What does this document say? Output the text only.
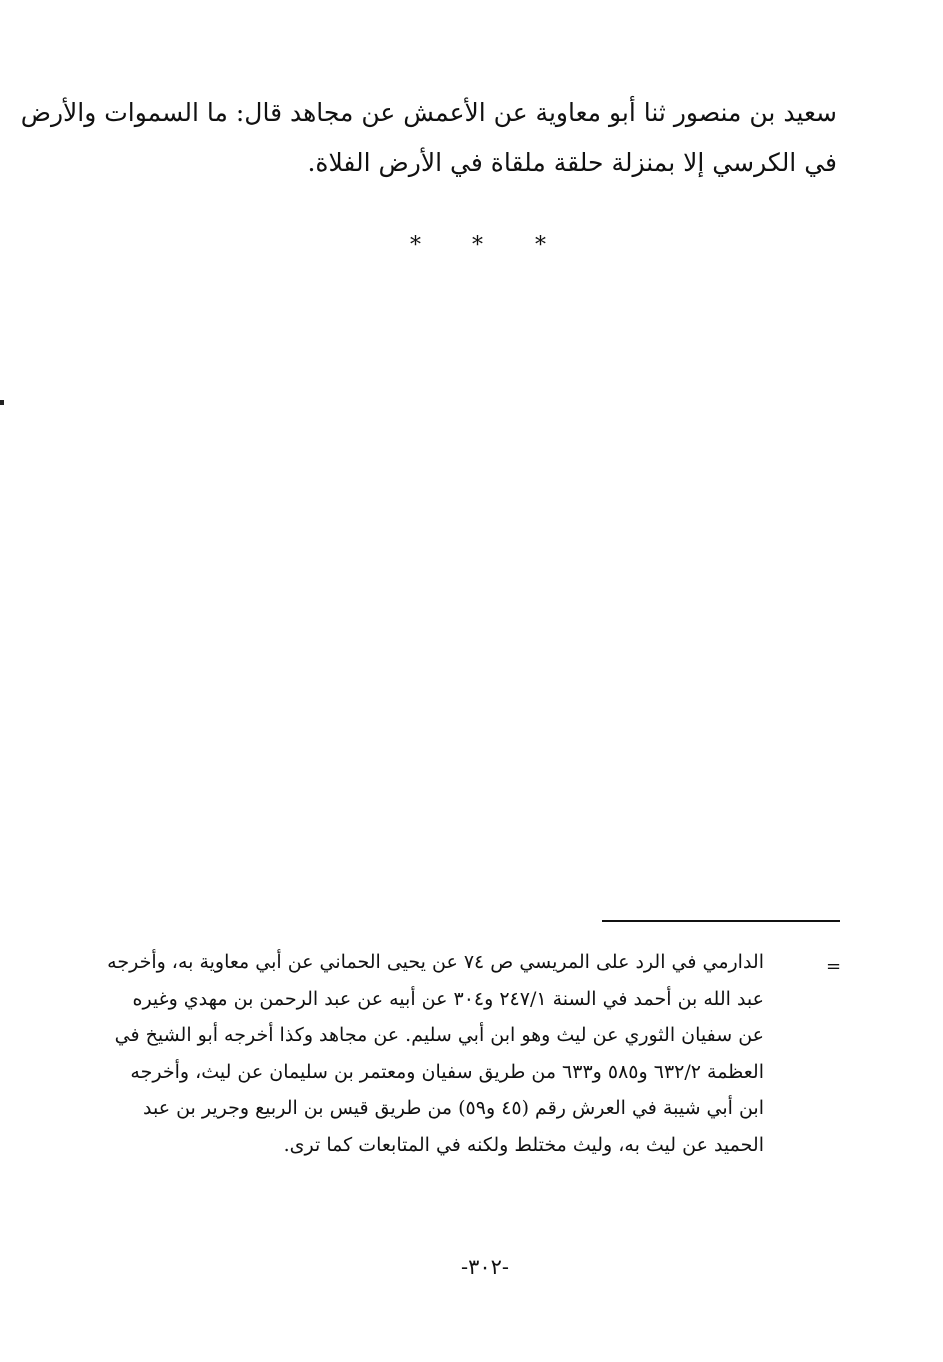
سعيد بن منصور ثنا أبو معاوية عن الأعمش عن مجاهد قال: ما السموات والأرض
في الكرسي إلا بمنزلة حلقة ملقاة في الأرض الفلاة.
* * *
=
الدارمي في الرد على المريسي ص ٧٤ عن يحيى الحماني عن أبي معاوية به، وأخرجه
عبد الله بن أحمد في السنة ٢٤٧/١ و٣٠٤ عن أبيه عن عبد الرحمن بن مهدي وغيره
عن سفيان الثوري عن ليث وهو ابن أبي سليم. عن مجاهد وكذا أخرجه أبو الشيخ في
العظمة ٦٣٢/٢ و٥٨٥ و٦٣٣ من طريق سفيان ومعتمر بن سليمان عن ليث، وأخرجه
ابن أبي شيبة في العرش رقم (٤٥ و٥٩) من طريق قيس بن الربيع وجرير بن عبد
الحميد عن ليث به، وليث مختلط ولكنه في المتابعات كما ترى.
-٣٠٢-
